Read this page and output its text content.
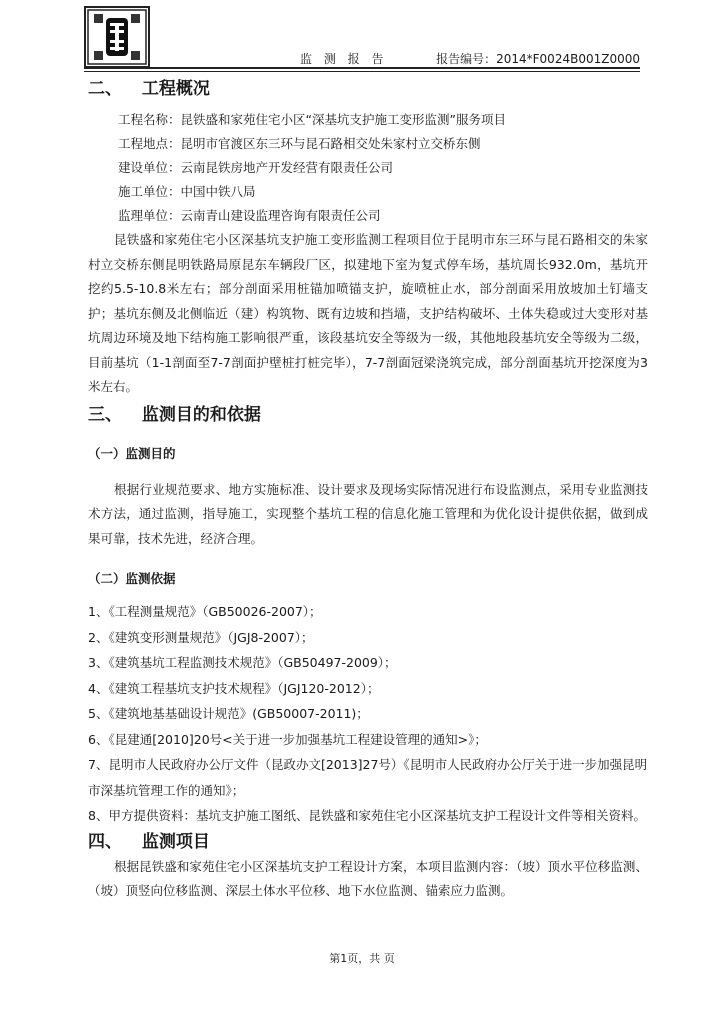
监 测 报 告	报告编号：2014*F0024B001Z0000
二、 工程概况
工程名称：昆铁盛和家苑住宅小区“深基坑支护施工变形监测”服务项目
工程地点：昆明市官渡区东三环与昆石路相交处朱家村立交桥东侧
建设单位：云南昆铁房地产开发经营有限责任公司
施工单位：中国中铁八局
监理单位：云南青山建设监理咨询有限责任公司

昆铁盛和家苑住宅小区深基坑支护施工变形监测工程项目位于昆明市东三环与昆石路相交的朱家村立交桥东侧昆明铁路局原昆东车辆段厂区，拟建地下室为复式停车场，基坑周长932.0m，基坑开挖约5.5-10.8米左右；部分剖面采用桩锚加喷锚支护，旋喷桩止水，部分剖面采用放坡加土钉墙支护；基坑东侧及北侧临近（建）构筑物、既有边坡和挡墙，支护结构破坏、土体失稳或过大变形对基坑周边环境及地下结构施工影响很严重，该段基坑安全等级为一级，其他地段基坑安全等级为二级，目前基坑（1-1剖面至7-7剖面护壁桩打桩完毕），7-7剖面冠梁浇筑完成，部分剖面基坑开挖深度为3米左右。

三、 监测目的和依据
（一）监测目的

根据行业规范要求、地方实施标准、设计要求及现场实际情况进行布设监测点，采用专业监测技术方法，通过监测，指导施工，实现整个基坑工程的信息化施工管理和为优化设计提供依据，做到成果可靠，技术先进，经济合理。

（二）监测依据

1、《工程测量规范》（GB50026-2007）；

2、《建筑变形测量规范》（JGJ8-2007）；

3、《建筑基坑工程监测技术规范》（GB50497-2009）；

4、《建筑工程基坑支护技术规程》（JGJ120-2012）；

5、《建筑地基基础设计规范》(GB50007-2011)；

6、《昆建通[2010]20号<关于进一步加强基坑工程建设管理的通知>》；

7、昆明市人民政府办公厅文件（昆政办文[2013]27号）《昆明市人民政府办公厅关于进一步加强昆明市深基坑管理工作的通知》；

8、甲方提供资料：基坑支护施工图纸、昆铁盛和家苑住宅小区深基坑支护工程设计文件等相关资料。

四、 监测项目

根据昆铁盛和家苑住宅小区深基坑支护工程设计方案，本项目监测内容：（坡）顶水平位移监测、（坡）顶竖向位移监测、深层土体水平位移、地下水位监测、锚索应力监测。

第1页，共 页
